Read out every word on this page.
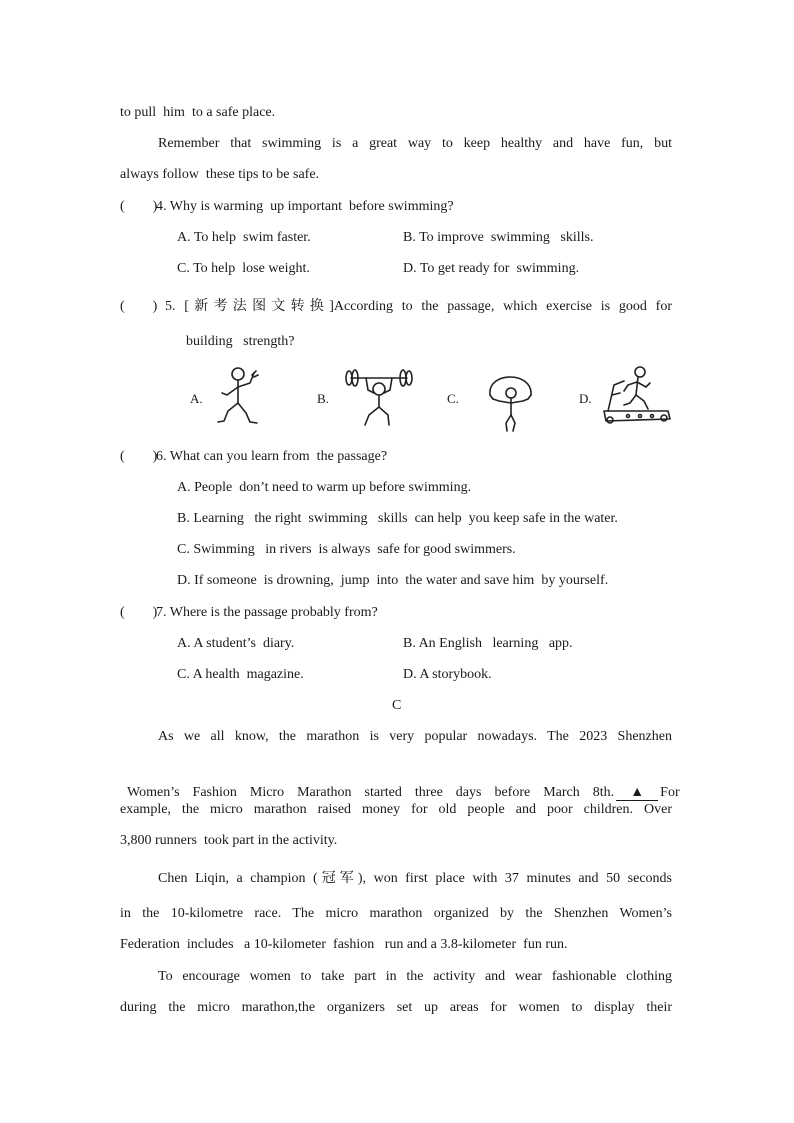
to pull  him  to a safe place.
Remember that swimming is a great way to keep healthy and have fun, but
always follow  these tips to be safe.
(        )
4. Why is warming  up important  before swimming?
A. To help  swim faster.	B. To improve  swimming   skills.
C. To help  lose weight.	D. To get ready for  swimming.
(        ) 5. [新考法图文转换]According to the passage, which exercise is good for
building   strength?
A.	B.	C.	D.
(        )
6. What can you learn from  the passage?
A. People  don’t need to warm up before swimming.
B. Learning   the right  swimming   skills  can help  you keep safe in the water.
C. Swimming   in rivers  is always  safe for good swimmers.
D. If someone  is drowning,  jump  into  the water and save him  by yourself.
(        )
7. Where is the passage probably from?
A. A student’s  diary.	B. An English   learning   app.
C. A health  magazine.	D. A storybook.
C
As we all know, the marathon is very popular nowadays. The 2023 Shenzhen

Women’s  Fashion  Micro  Marathon  started  three  days  before  March  8th. ▲ For

example, the micro marathon raised money for old people and poor children. Over
3,800 runners  took part in the activity.
Chen Liqin, a champion (冠军), won first place with 37 minutes and 50 seconds
in the 10-kilometre race. The micro marathon organized by the Shenzhen Women’s
Federation  includes   a 10-kilometer  fashion   run and a 3.8-kilometer  fun run.
To encourage women to take part in the activity and wear fashionable clothing
during the micro marathon,the organizers set up areas for women to display their
